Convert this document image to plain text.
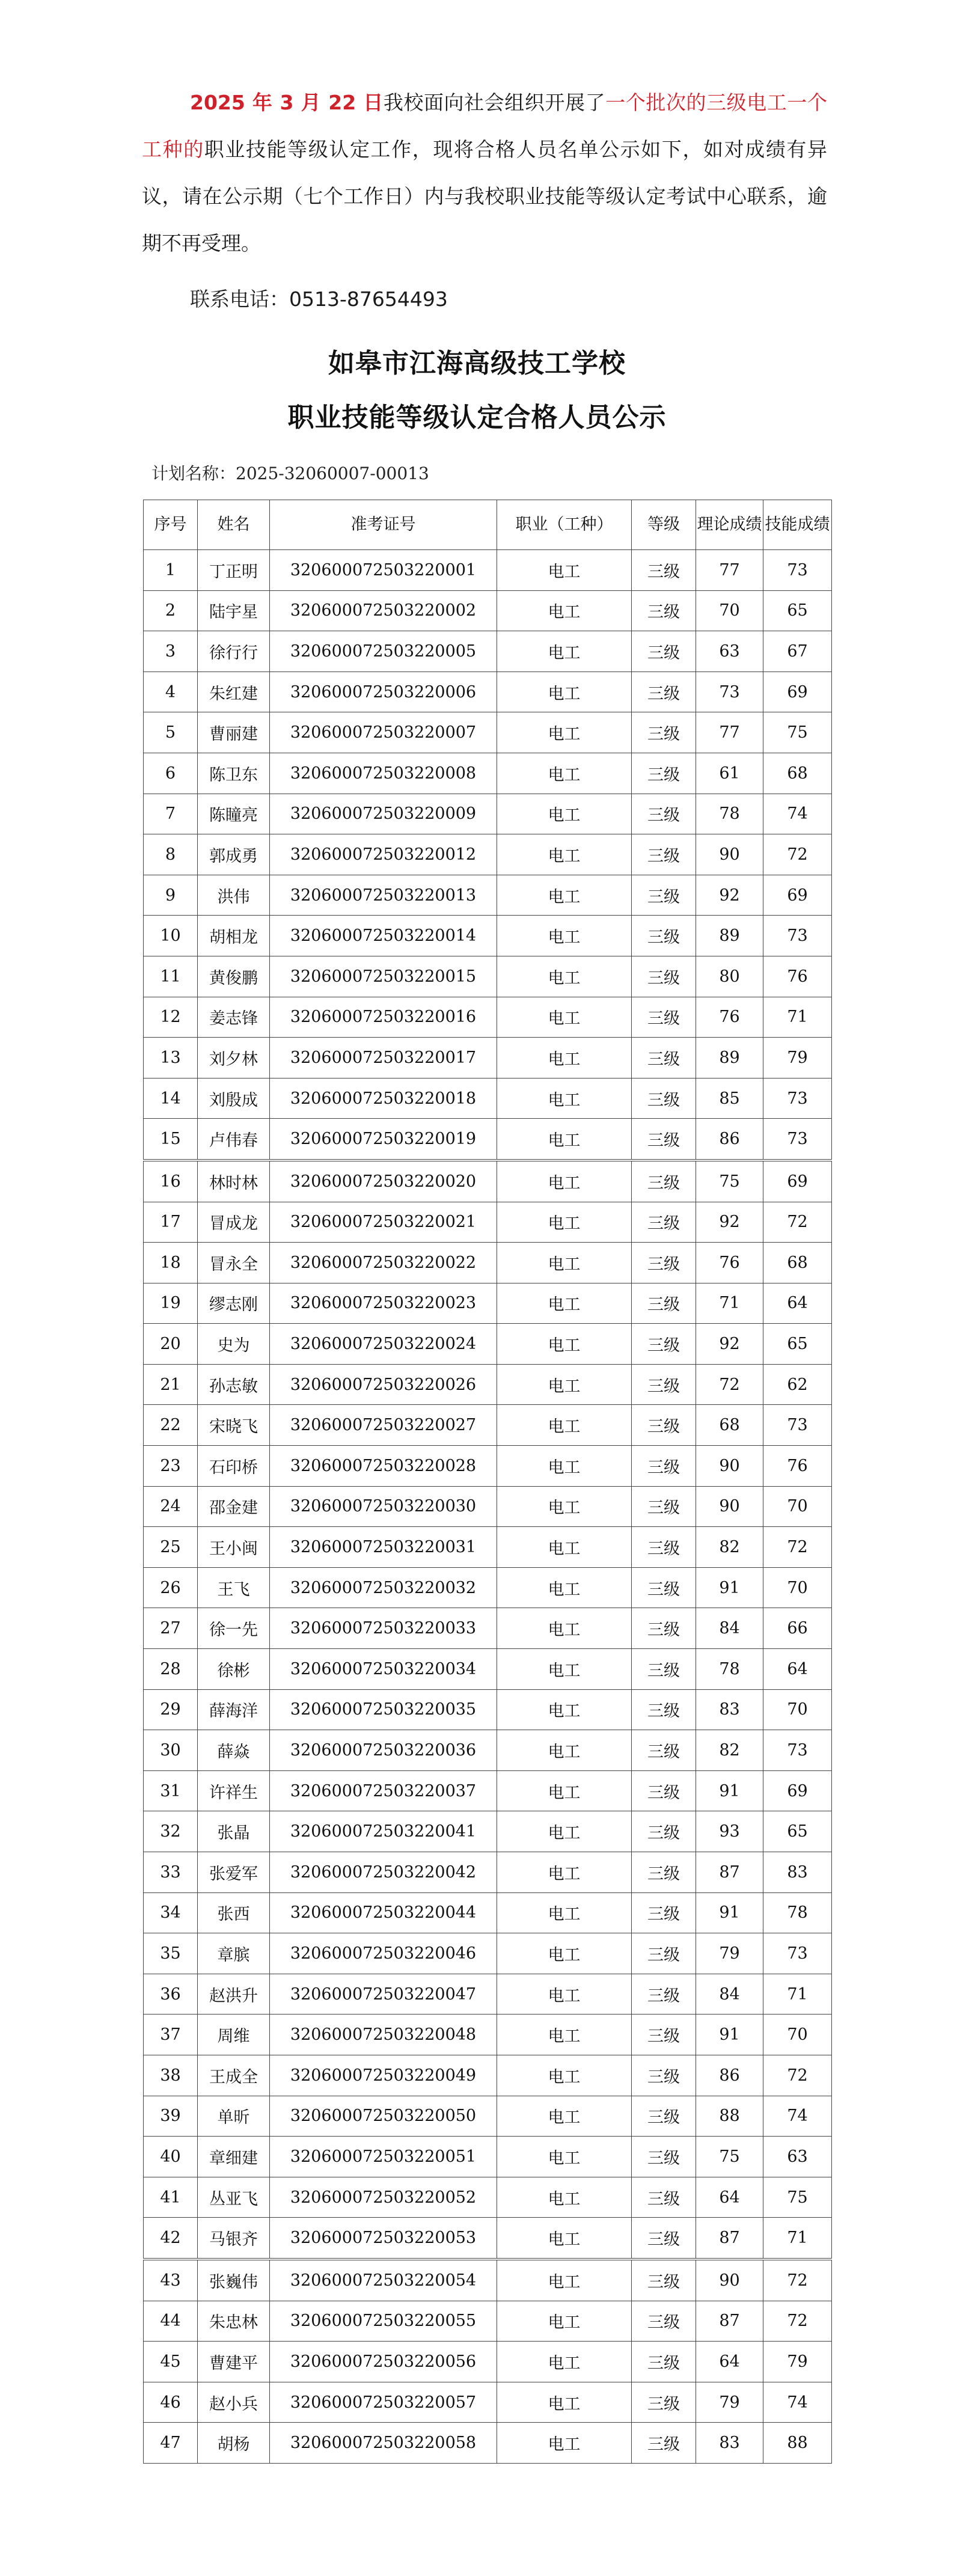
2025 年 3 月 22 日我校面向社会组织开展了一个批次的三级电工一个工种的职业技能等级认定工作，现将合格人员名单公示如下，如对成绩有异议，请在公示期（七个工作日）内与我校职业技能等级认定考试中心联系，逾期不再受理。
联系电话：0513-87654493
如皋市江海高级技工学校
职业技能等级认定合格人员公示
计划名称：2025-32060007-00013
序号	姓名	准考证号	职业（工种）	等级	理论成绩	技能成绩
1	丁正明	320600072503220001	电工	三级	77	73
2	陆宇星	320600072503220002	电工	三级	70	65
3	徐行行	320600072503220005	电工	三级	63	67
4	朱红建	320600072503220006	电工	三级	73	69
5	曹丽建	320600072503220007	电工	三级	77	75
6	陈卫东	320600072503220008	电工	三级	61	68
7	陈瞳亮	320600072503220009	电工	三级	78	74
8	郭成勇	320600072503220012	电工	三级	90	72
9	洪伟	320600072503220013	电工	三级	92	69
10	胡相龙	320600072503220014	电工	三级	89	73
11	黄俊鹏	320600072503220015	电工	三级	80	76
12	姜志锋	320600072503220016	电工	三级	76	71
13	刘夕林	320600072503220017	电工	三级	89	79
14	刘殷成	320600072503220018	电工	三级	85	73
15	卢伟春	320600072503220019	电工	三级	86	73
16	林时林	320600072503220020	电工	三级	75	69
17	冒成龙	320600072503220021	电工	三级	92	72
18	冒永全	320600072503220022	电工	三级	76	68
19	缪志刚	320600072503220023	电工	三级	71	64
20	史为	320600072503220024	电工	三级	92	65
21	孙志敏	320600072503220026	电工	三级	72	62
22	宋晓飞	320600072503220027	电工	三级	68	73
23	石印桥	320600072503220028	电工	三级	90	76
24	邵金建	320600072503220030	电工	三级	90	70
25	王小闽	320600072503220031	电工	三级	82	72
26	王飞	320600072503220032	电工	三级	91	70
27	徐一先	320600072503220033	电工	三级	84	66
28	徐彬	320600072503220034	电工	三级	78	64
29	薛海洋	320600072503220035	电工	三级	83	70
30	薛焱	320600072503220036	电工	三级	82	73
31	许祥生	320600072503220037	电工	三级	91	69
32	张晶	320600072503220041	电工	三级	93	65
33	张爱军	320600072503220042	电工	三级	87	83
34	张西	320600072503220044	电工	三级	91	78
35	章膑	320600072503220046	电工	三级	79	73
36	赵洪升	320600072503220047	电工	三级	84	71
37	周维	320600072503220048	电工	三级	91	70
38	王成全	320600072503220049	电工	三级	86	72
39	单昕	320600072503220050	电工	三级	88	74
40	章细建	320600072503220051	电工	三级	75	63
41	丛亚飞	320600072503220052	电工	三级	64	75
42	马银齐	320600072503220053	电工	三级	87	71
43	张巍伟	320600072503220054	电工	三级	90	72
44	朱忠林	320600072503220055	电工	三级	87	72
45	曹建平	320600072503220056	电工	三级	64	79
46	赵小兵	320600072503220057	电工	三级	79	74
47	胡杨	320600072503220058	电工	三级	83	88
